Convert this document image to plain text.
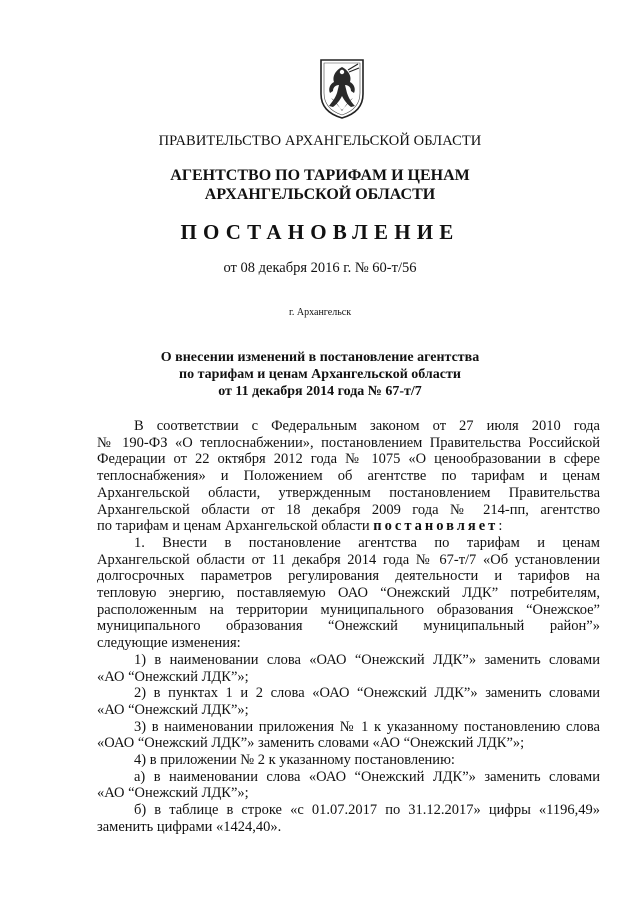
ПРАВИТЕЛЬСТВО АРХАНГЕЛЬСКОЙ ОБЛАСТИ
АГЕНТСТВО ПО ТАРИФАМ И ЦЕНАМ
АРХАНГЕЛЬСКОЙ ОБЛАСТИ
ПОСТАНОВЛЕНИЕ
от 08 декабря 2016 г. № 60-т/56
г. Архангельск
О внесении изменений в постановление агентства
по тарифам и ценам Архангельской области
от 11 декабря 2014 года № 67-т/7

В соответствии с Федеральным законом от 27 июля 2010 года

№ 190-ФЗ «О теплоснабжении», постановлением Правительства Российской

Федерации от 22 октября 2012 года № 1075 «О ценообразовании в сфере

теплоснабжения» и Положением об агентстве по тарифам и ценам

Архангельской области, утвержденным постановлением Правительства

Архангельской области от 18 декабря 2009 года № 214-пп, агентство

по тарифам и ценам Архангельской области постановляет:

1. Внести в постановление агентства по тарифам и ценам

Архангельской области от 11 декабря 2014 года № 67-т/7 «Об установлении

долгосрочных параметров регулирования деятельности и тарифов на

тепловую энергию, поставляемую ОАО “Онежский ЛДК” потребителям,

расположенным на территории муниципального образования “Онежское”

муниципального образования “Онежский муниципальный район”»

следующие изменения:

1) в наименовании слова «ОАО “Онежский ЛДК”» заменить словами

«АО “Онежский ЛДК”»;

2) в пунктах 1 и 2 слова «ОАО “Онежский ЛДК”» заменить словами

«АО “Онежский ЛДК”»;

3) в наименовании приложения № 1 к указанному постановлению слова

«ОАО “Онежский ЛДК”» заменить словами «АО “Онежский ЛДК”»;

4) в приложении № 2 к указанному постановлению:

а) в наименовании слова «ОАО “Онежский ЛДК”» заменить словами

«АО “Онежский ЛДК”»;

б) в таблице в строке «с 01.07.2017 по 31.12.2017» цифры «1196,49»

заменить цифрами «1424,40».
